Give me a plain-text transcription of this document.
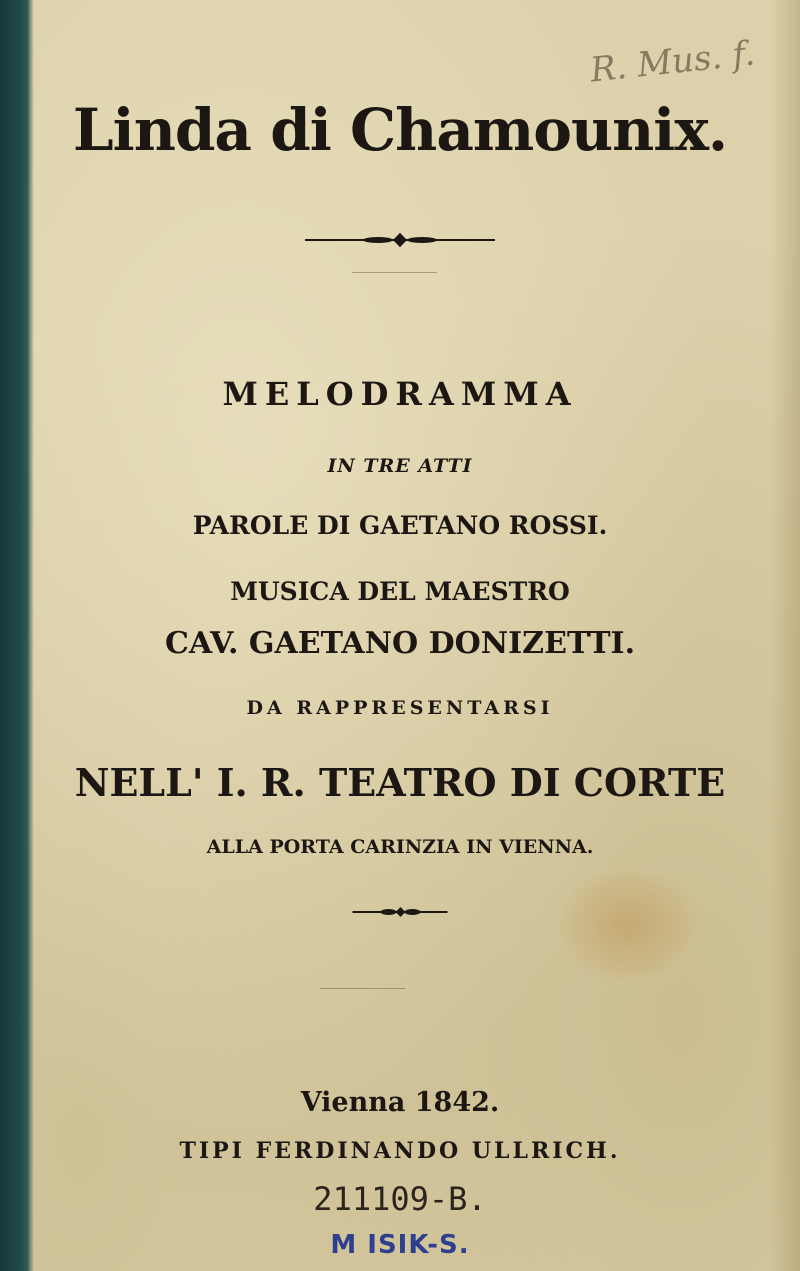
R. Mus. f.
Linda di Chamounix.
MELODRAMMA
IN TRE ATTI
PAROLE DI GAETANO ROSSI.
MUSICA DEL MAESTRO
CAV. GAETANO DONIZETTI.
DA RAPPRESENTARSI
NELL' I. R. TEATRO DI CORTE
ALLA PORTA CARINZIA IN VIENNA.
Vienna 1842.
TIPI FERDINANDO ULLRICH.
211109-B.
M ISIK-S.
